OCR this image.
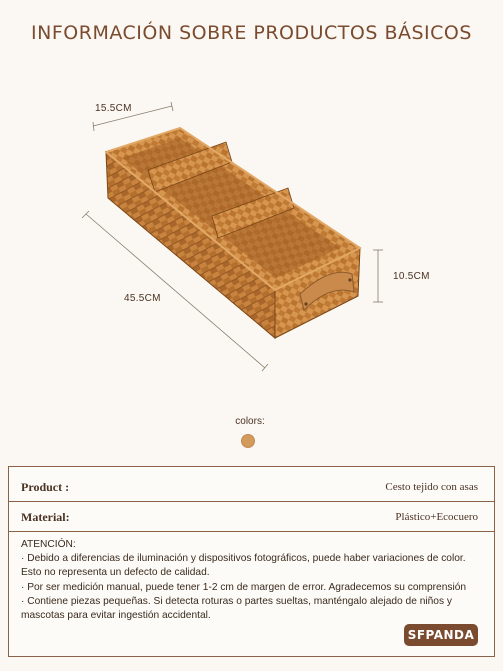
INFORMACIÓN SOBRE PRODUCTOS BÁSICOS
15.5CM
45.5CM
10.5CM
colors:
Product :	Cesto tejido con asas
Material:	Plástico+Ecocuero

ATENCIÓN:

· Debido a diferencias de iluminación y dispositivos fotográficos, puede haber variaciones de color. Esto no representa un defecto de calidad.

· Por ser medición manual, puede tener 1-2 cm de margen de error. Agradecemos su comprensión

· Contiene piezas pequeñas. Si detecta roturas o partes sueltas, manténgalo alejado de niños y mascotas para evitar ingestión accidental.

SFPANDA
